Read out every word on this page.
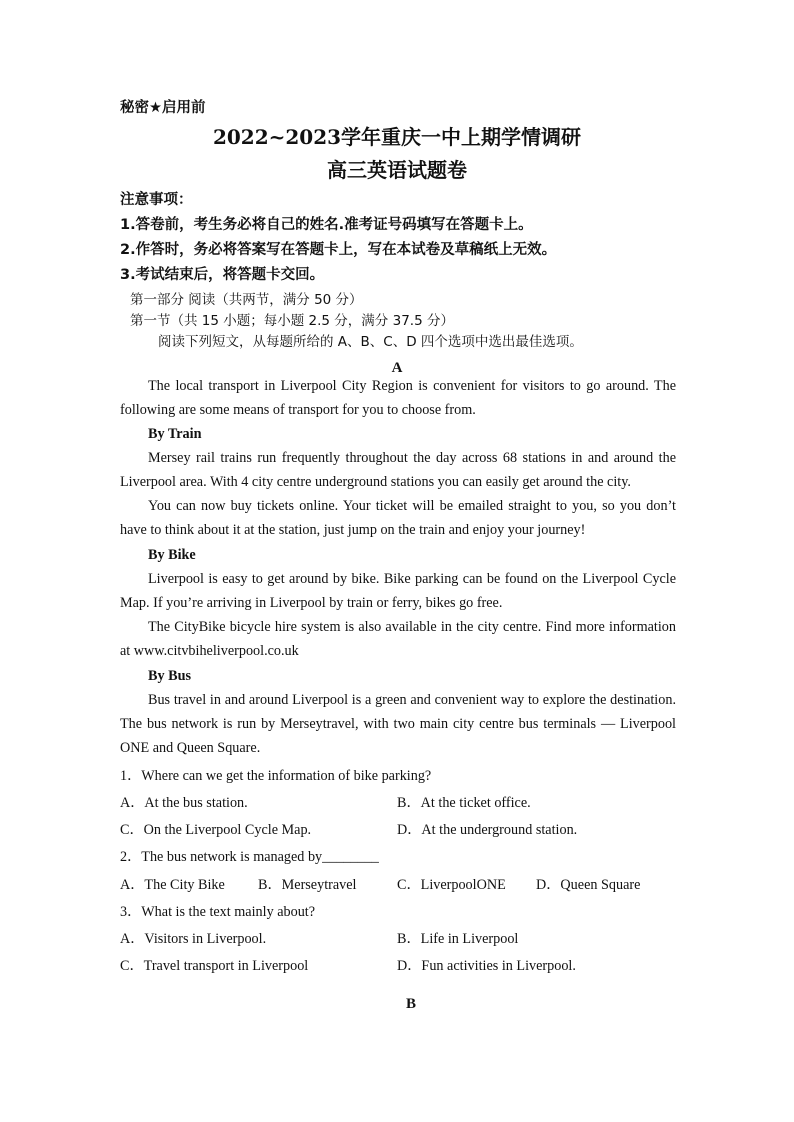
秘密★启用前
2022~2023学年重庆一中上期学情调研
高三英语试题卷
注意事项：
1.答卷前，考生务必将自己的姓名.准考证号码填写在答题卡上。
2.作答时，务必将答案写在答题卡上，写在本试卷及草稿纸上无效。
3.考试结束后，将答题卡交回。
第一部分 阅读（共两节，满分 50 分）
第一节（共 15 小题；每小题 2.5 分，满分 37.5 分）
阅读下列短文，从每题所给的 A、B、C、D 四个选项中选出最佳选项。
A
The local transport in Liverpool City Region is convenient for visitors to go around. The following are some means of transport for you to choose from.
By Train
Mersey rail trains run frequently throughout the day across 68 stations in and around the Liverpool area. With 4 city centre underground stations you can easily get around the city.
You can now buy tickets online. Your ticket will be emailed straight to you, so you don’t have to think about it at the station, just jump on the train and enjoy your journey!
By Bike
Liverpool is easy to get around by bike. Bike parking can be found on the Liverpool Cycle Map. If you’re arriving in Liverpool by train or ferry, bikes go free.
The CityBike bicycle hire system is also available in the city centre. Find more information at www.citvbiheliverpool.co.uk
By Bus
Bus travel in and around Liverpool is a green and convenient way to explore the destination. The bus network is run by Merseytravel, with two main city centre bus terminals — Liverpool ONE and Queen Square.
1．Where can we get the information of bike parking?
A．At the bus station.	B．At the ticket office.
C．On the Liverpool Cycle Map.	D．At the underground station.
2．The bus network is managed by________
A．The City Bike B．Merseytravel	C．LiverpoolONE D．Queen Square
3．What is the text mainly about?
A．Visitors in Liverpool.	B．Life in Liverpool
C．Travel transport in Liverpool	D．Fun activities in Liverpool.
B
